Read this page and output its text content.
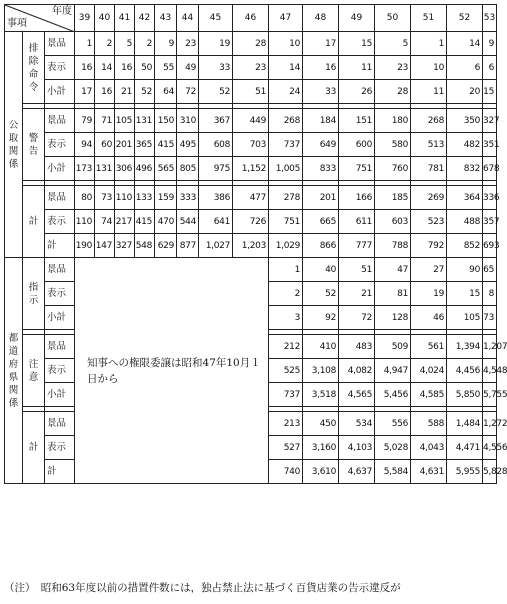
年度
事項			39	40	41	42	43	44	45	46	47	48	49	50	51	52	53

公取関係	排除命令	景品	1	2	5	2	9	23	19	28	10	17	15	5	1	14	9
		表示	16	14	16	50	55	49	33	23	14	16	11	23	10	6	6
		小計	17	16	21	52	64	72	52	51	24	33	26	28	11	20	15

	警告	景品	79	71	105	131	150	310	367	449	268	184	151	180	268	350	327
		表示	94	60	201	365	415	495	608	703	737	649	600	580	513	482	351
		小計	173	131	306	496	565	805	975	1,152	1,005	833	751	760	781	832	678

	計	景品	80	73	110	133	159	333	386	477	278	201	166	185	269	364	336
		表示	110	74	217	415	470	544	641	726	751	665	611	603	523	488	357
		計	190	147	327	548	629	877	1,027	1,203	1,029	866	777	788	792	852	693

都道府県関係	指示	景品	知事への権限委譲は昭和47年10月１日から								1	40	51	47	27	90	65
		表示									2	52	21	81	19	15	8
		小計									3	92	72	128	46	105	73

	注意	景品									212	410	483	509	561	1,394	1,207
		表示									525	3,108	4,082	4,947	4,024	4,456	4,548
		小計									737	3,518	4,565	5,456	4,585	5,850	5,755

	計	景品									213	450	534	556	588	1,484	1,272
		表示									527	3,160	4,103	5,028	4,043	4,471	4,556
		計									740	3,610	4,637	5,584	4,631	5,955	5,828
（注）　昭和63年度以前の措置件数には，独占禁止法に基づく百貨店業の告示違反が
